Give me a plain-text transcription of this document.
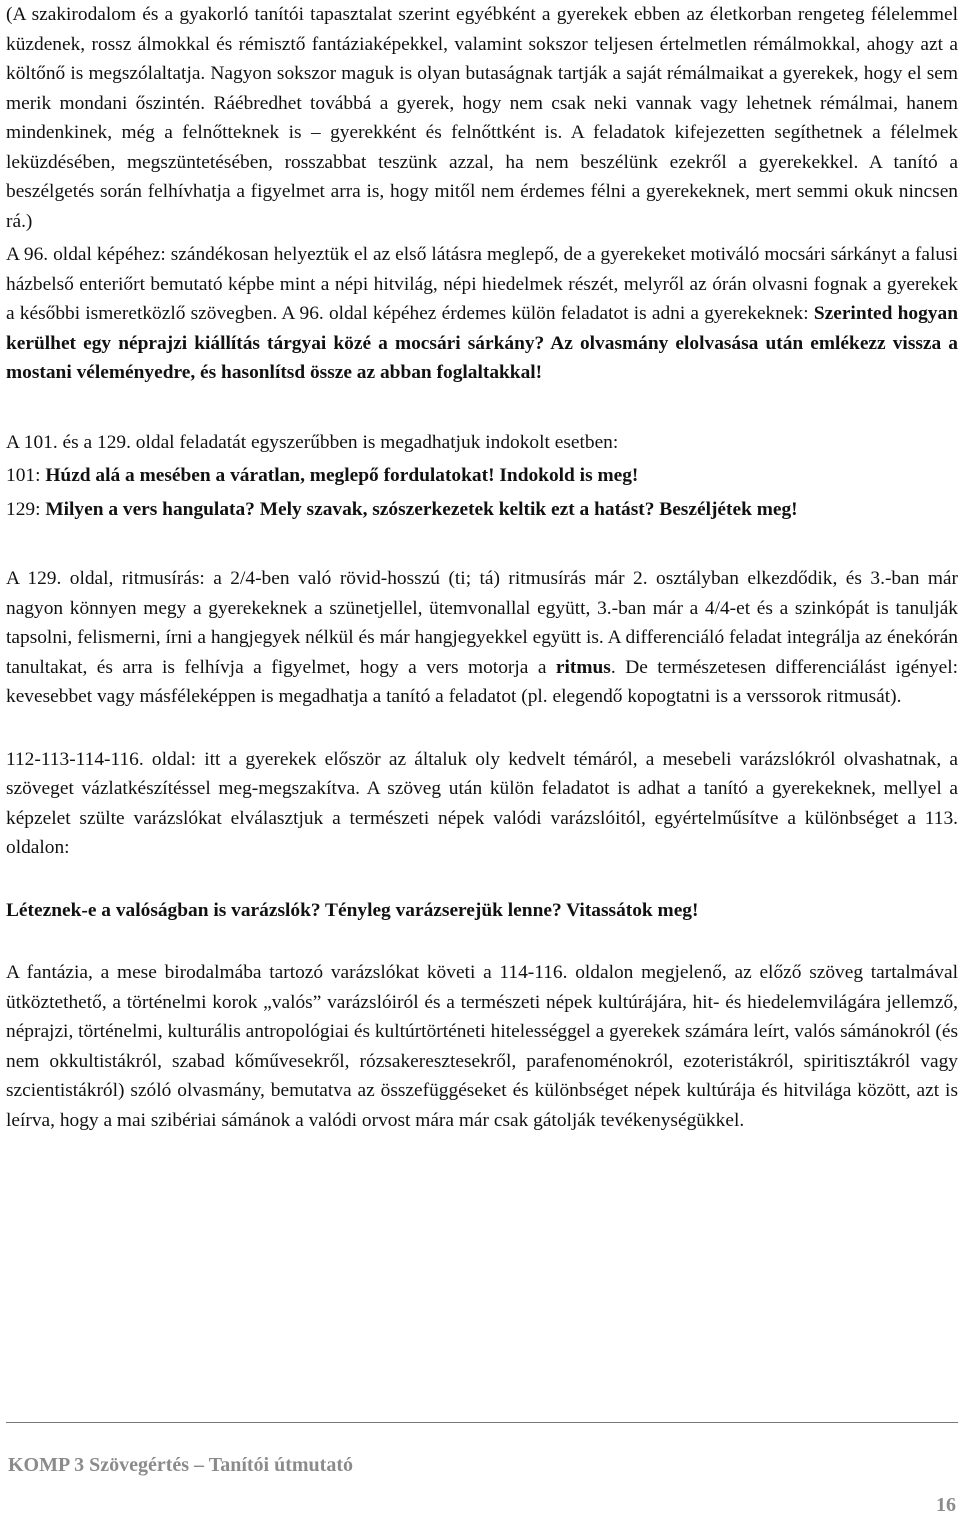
(A szakirodalom és a gyakorló tanítói tapasztalat szerint egyébként a gyerekek ebben az életkorban rengeteg félelemmel küzdenek, rossz álmokkal és rémisztő fantáziaképekkel, valamint sokszor teljesen értelmetlen rémálmokkal, ahogy azt a költőnő is megszólaltatja. Nagyon sokszor maguk is olyan butaságnak tartják a saját rémálmaikat a gyerekek, hogy el sem merik mondani őszintén. Ráébredhet továbbá a gyerek, hogy nem csak neki vannak vagy lehetnek rémálmai, hanem mindenkinek, még a felnőtteknek is – gyerekként és felnőttként is. A feladatok kifejezetten segíthetnek a félelmek leküzdésében, megszüntetésében, rosszabbat teszünk azzal, ha nem beszélünk ezekről a gyerekekkel. A tanító a beszélgetés során felhívhatja a figyelmet arra is, hogy mitől nem érdemes félni a gyerekeknek, mert semmi okuk nincsen rá.)

A 96. oldal képéhez: szándékosan helyeztük el az első látásra meglepő, de a gyerekeket motiváló mocsári sárkányt a falusi házbelső enteriőrt bemutató képbe mint a népi hitvilág, népi hiedelmek részét, melyről az órán olvasni fognak a gyerekek a későbbi ismeretközlő szövegben. A 96. oldal képéhez érdemes külön feladatot is adni a gyerekeknek: Szerinted hogyan kerülhet egy néprajzi kiállítás tárgyai közé a mocsári sárkány? Az olvasmány elolvasása után emlékezz vissza a mostani véleményedre, és hasonlítsd össze az abban foglaltakkal!

A 101. és a 129. oldal feladatát egyszerűbben is megadhatjuk indokolt esetben:

101: Húzd alá a mesében a váratlan, meglepő fordulatokat! Indokold is meg!

129: Milyen a vers hangulata? Mely szavak, szószerkezetek keltik ezt a hatást? Beszéljétek meg!

A 129. oldal, ritmusírás: a 2/4-ben való rövid-hosszú (ti; tá) ritmusírás már 2. osztályban elkezdődik, és 3.-ban már nagyon könnyen megy a gyerekeknek a szünetjellel, ütemvonallal együtt, 3.-ban már a 4/4-et és a szinkópát is tanulják tapsolni, felismerni, írni a hangjegyek nélkül és már hangjegyekkel együtt is. A differenciáló feladat integrálja az énekórán tanultakat, és arra is felhívja a figyelmet, hogy a vers motorja a ritmus. De természetesen differenciálást igényel: kevesebbet vagy másféleképpen is megadhatja a tanító a feladatot (pl. elegendő kopogtatni is a verssorok ritmusát).

112-113-114-116. oldal: itt a gyerekek először az általuk oly kedvelt témáról, a mesebeli varázslókról olvashatnak, a szöveget vázlatkészítéssel meg-megszakítva. A szöveg után külön feladatot is adhat a tanító a gyerekeknek, mellyel a képzelet szülte varázslókat elválasztjuk a természeti népek valódi varázslóitól, egyértelműsítve a különbséget a 113. oldalon:

Léteznek-e a valóságban is varázslók? Tényleg varázserejük lenne? Vitassátok meg!

A fantázia, a mese birodalmába tartozó varázslókat követi a 114-116. oldalon megjelenő, az előző szöveg tartalmával ütköztethető, a történelmi korok „valós” varázslóiról és a természeti népek kultúrájára, hit- és hiedelemvilágára jellemző, néprajzi, történelmi, kulturális antropológiai és kultúrtörténeti hitelességgel a gyerekek számára leírt, valós sámánokról (és nem okkultistákról, szabad kőművesekről, rózsakeresztesekről, parafenoménokról, ezoteristákról, spiritisztákról vagy szcientistákról) szóló olvasmány, bemutatva az összefüggéseket és különbséget népek kultúrája és hitvilága között, azt is leírva, hogy a mai szibériai sámánok a valódi orvost mára már csak gátolják tevékenységükkel.

KOMP 3 Szövegértés – Tanítói útmutató
16
